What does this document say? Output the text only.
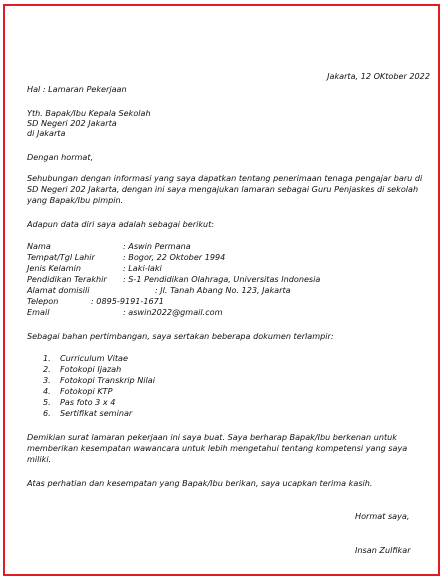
Jakarta, 12 OKtober 2022
Hal : Lamaran Pekerjaan
Yth. Bapak/Ibu Kepala Sekolah
SD Negeri 202 Jakarta
di Jakarta
Dengan hormat,
Sehubungan dengan informasi yang saya dapatkan tentang penerimaan tenaga pengajar baru di
SD Negeri 202 Jakarta, dengan ini saya mengajukan lamaran sebagai Guru Penjaskes di sekolah
yang Bapak/Ibu pimpin.
Adapun data diri saya adalah sebagai berikut:
Nama	: Aswin Permana
Tempat/Tgl Lahir	: Bogor, 22 Oktober 1994
Jenis Kelamin	: Laki-laki
Pendidikan Terakhir : S-1 Pendidikan Olahraga, Universitas Indonesia
Alamat domisili	: Jl. Tanah Abang No. 123, Jakarta
Telepon	: 0895-9191-1671
Email	: aswin2022@gmail.com
Sebagai bahan pertimbangan, saya sertakan beberapa dokumen terlampir:
1. Curriculum Vitae
2. Fotokopi Ijazah
3. Fotokopi Transkrip Nilai
4. Fotokopi KTP
5. Pas foto 3 x 4
6. Sertifikat seminar
Demikian surat lamaran pekerjaan ini saya buat. Saya berharap Bapak/Ibu berkenan untuk
memberikan kesempatan wawancara untuk lebih mengetahui tentang kompetensi yang saya
miliki.
Atas perhatian dan kesempatan yang Bapak/Ibu berikan, saya ucapkan terima kasih.
Hormat saya,
Insan Zulfikar
